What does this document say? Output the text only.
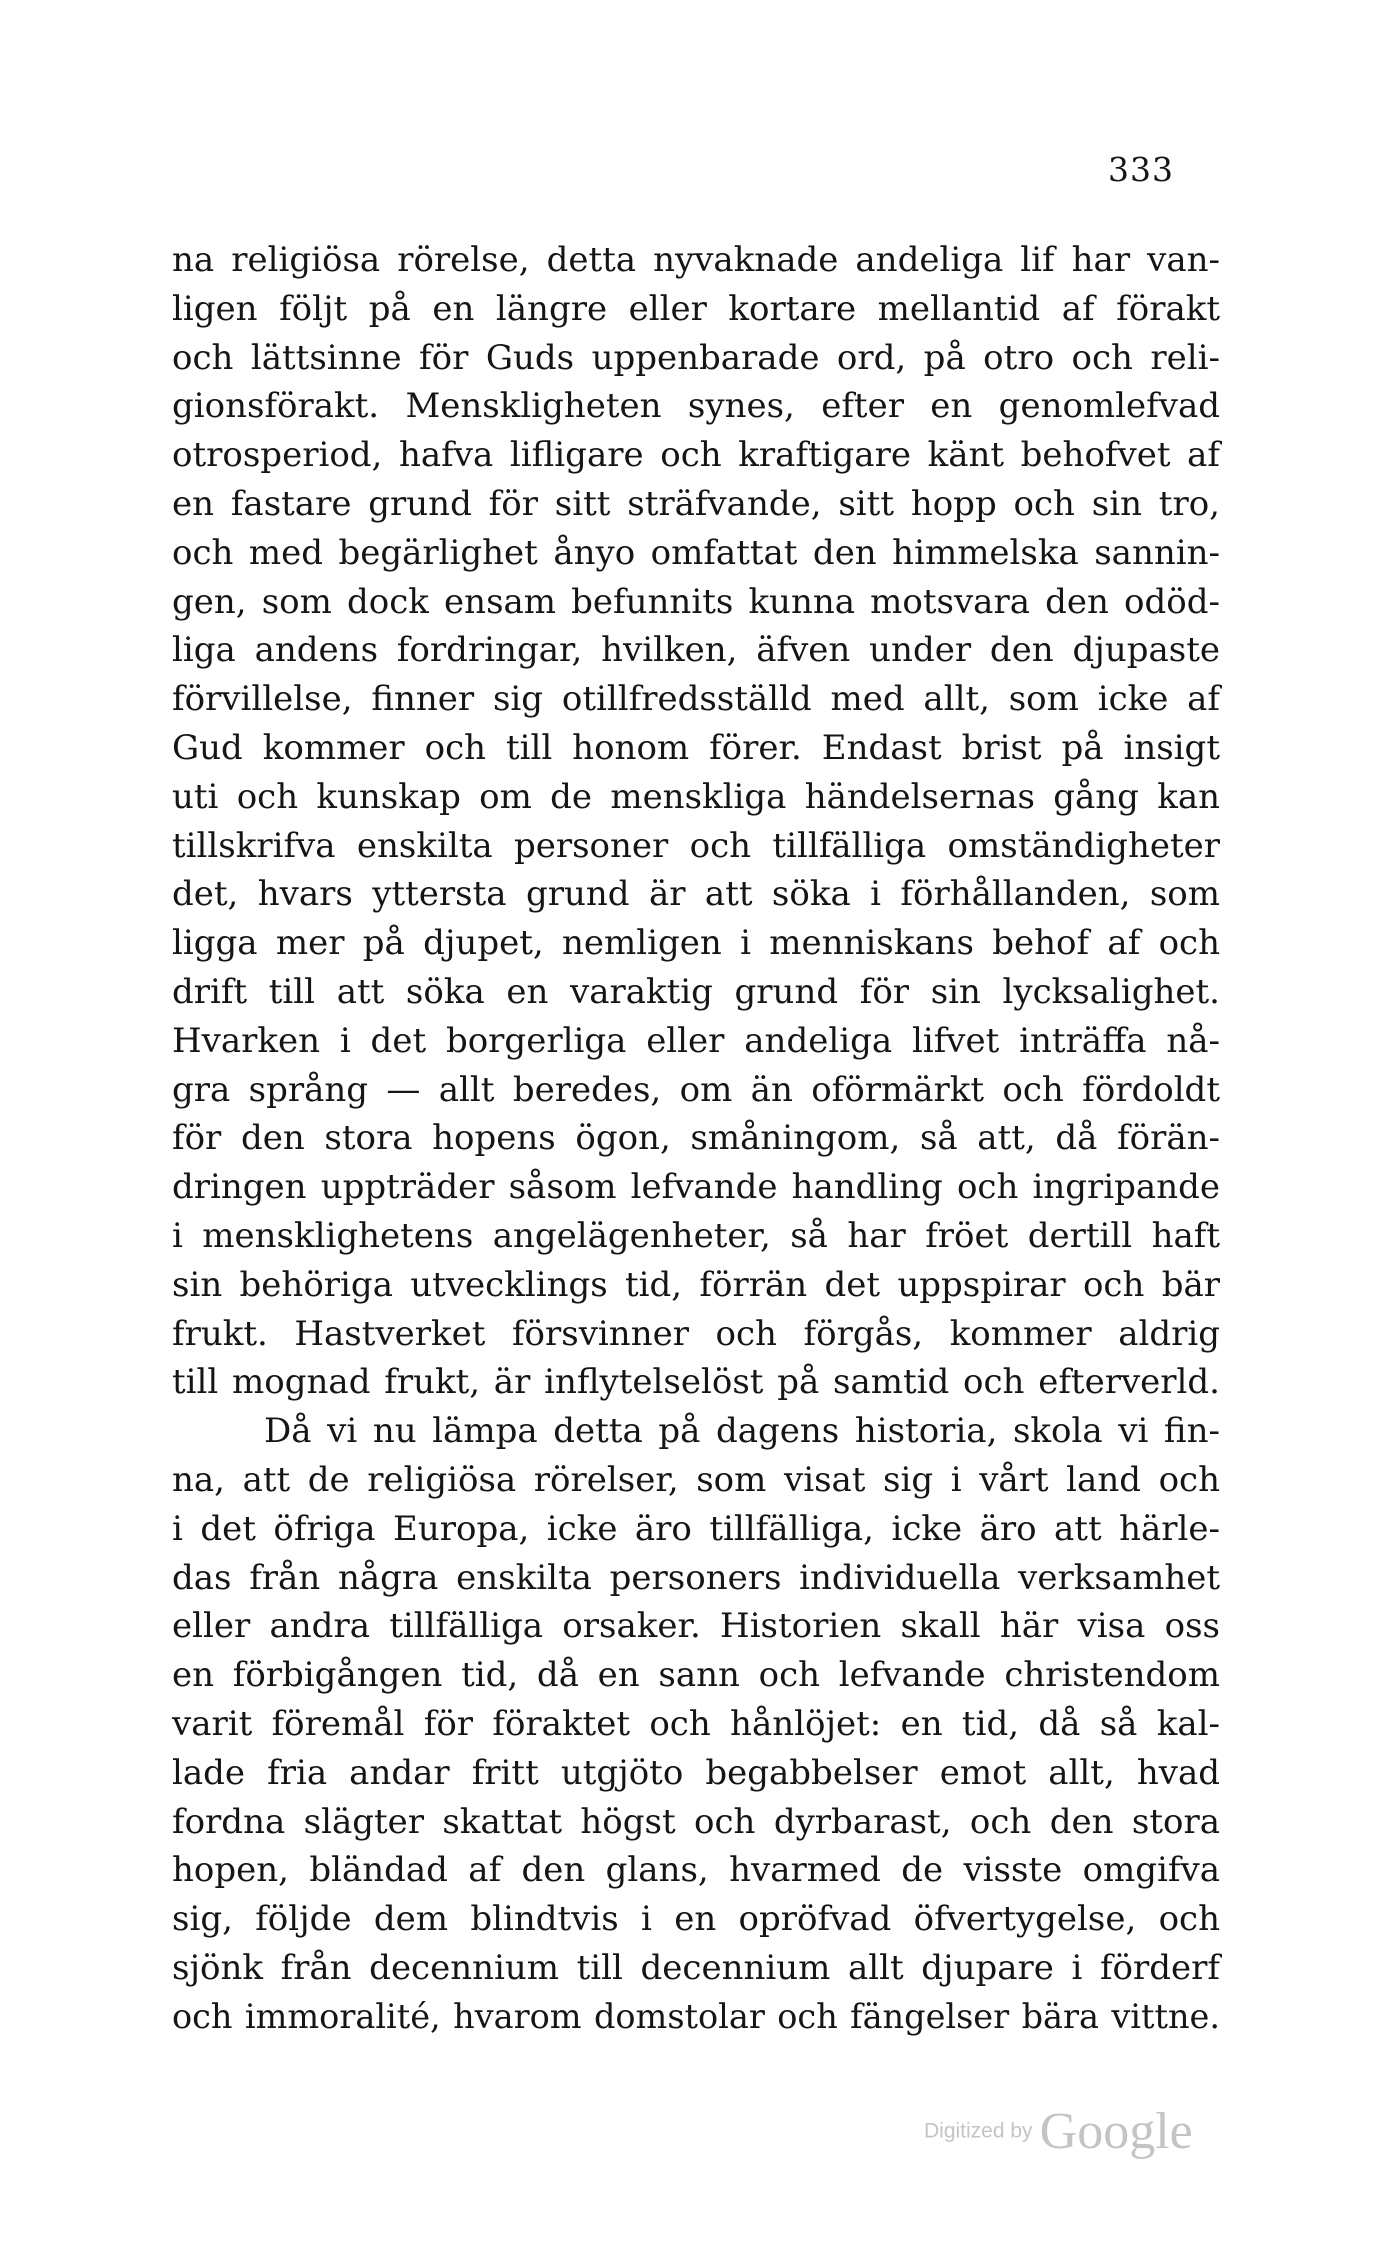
333
na religiösa rörelse, detta nyvaknade andeliga lif har van-
ligen följt på en längre eller kortare mellantid af förakt
och lättsinne för Guds uppenbarade ord, på otro och reli-
gionsförakt. Menskligheten synes, efter en genomlefvad
otrosperiod, hafva lifligare och kraftigare känt behofvet af
en fastare grund för sitt sträfvande, sitt hopp och sin tro,
och med begärlighet ånyo omfattat den himmelska sannin-
gen, som dock ensam befunnits kunna motsvara den odöd-
liga andens fordringar, hvilken, äfven under den djupaste
förvillelse, finner sig otillfredsställd med allt, som icke af
Gud kommer och till honom förer. Endast brist på insigt
uti och kunskap om de menskliga händelsernas gång kan
tillskrifva enskilta personer och tillfälliga omständigheter
det, hvars yttersta grund är att söka i förhållanden, som
ligga mer på djupet, nemligen i menniskans behof af och
drift till att söka en varaktig grund för sin lycksalighet.
Hvarken i det borgerliga eller andeliga lifvet inträffa nå-
gra språng — allt beredes, om än oförmärkt och fördoldt
för den stora hopens ögon, småningom, så att, då förän-
dringen uppträder såsom lefvande handling och ingripande
i mensklighetens angelägenheter, så har fröet dertill haft
sin behöriga utvecklings tid, förrän det uppspirar och bär
frukt. Hastverket försvinner och förgås, kommer aldrig
till mognad frukt, är inflytelselöst på samtid och efterverld.
Då vi nu lämpa detta på dagens historia, skola vi fin-
na, att de religiösa rörelser, som visat sig i vårt land och
i det öfriga Europa, icke äro tillfälliga, icke äro att härle-
das från några enskilta personers individuella verksamhet
eller andra tillfälliga orsaker. Historien skall här visa oss
en förbigången tid, då en sann och lefvande christendom
varit föremål för föraktet och hånlöjet: en tid, då så kal-
lade fria andar fritt utgjöto begabbelser emot allt, hvad
fordna slägter skattat högst och dyrbarast, och den stora
hopen, bländad af den glans, hvarmed de visste omgifva
sig, följde dem blindtvis i en opröfvad öfvertygelse, och
sjönk från decennium till decennium allt djupare i förderf
och immoralité, hvarom domstolar och fängelser bära vittne.
Digitized by Google
